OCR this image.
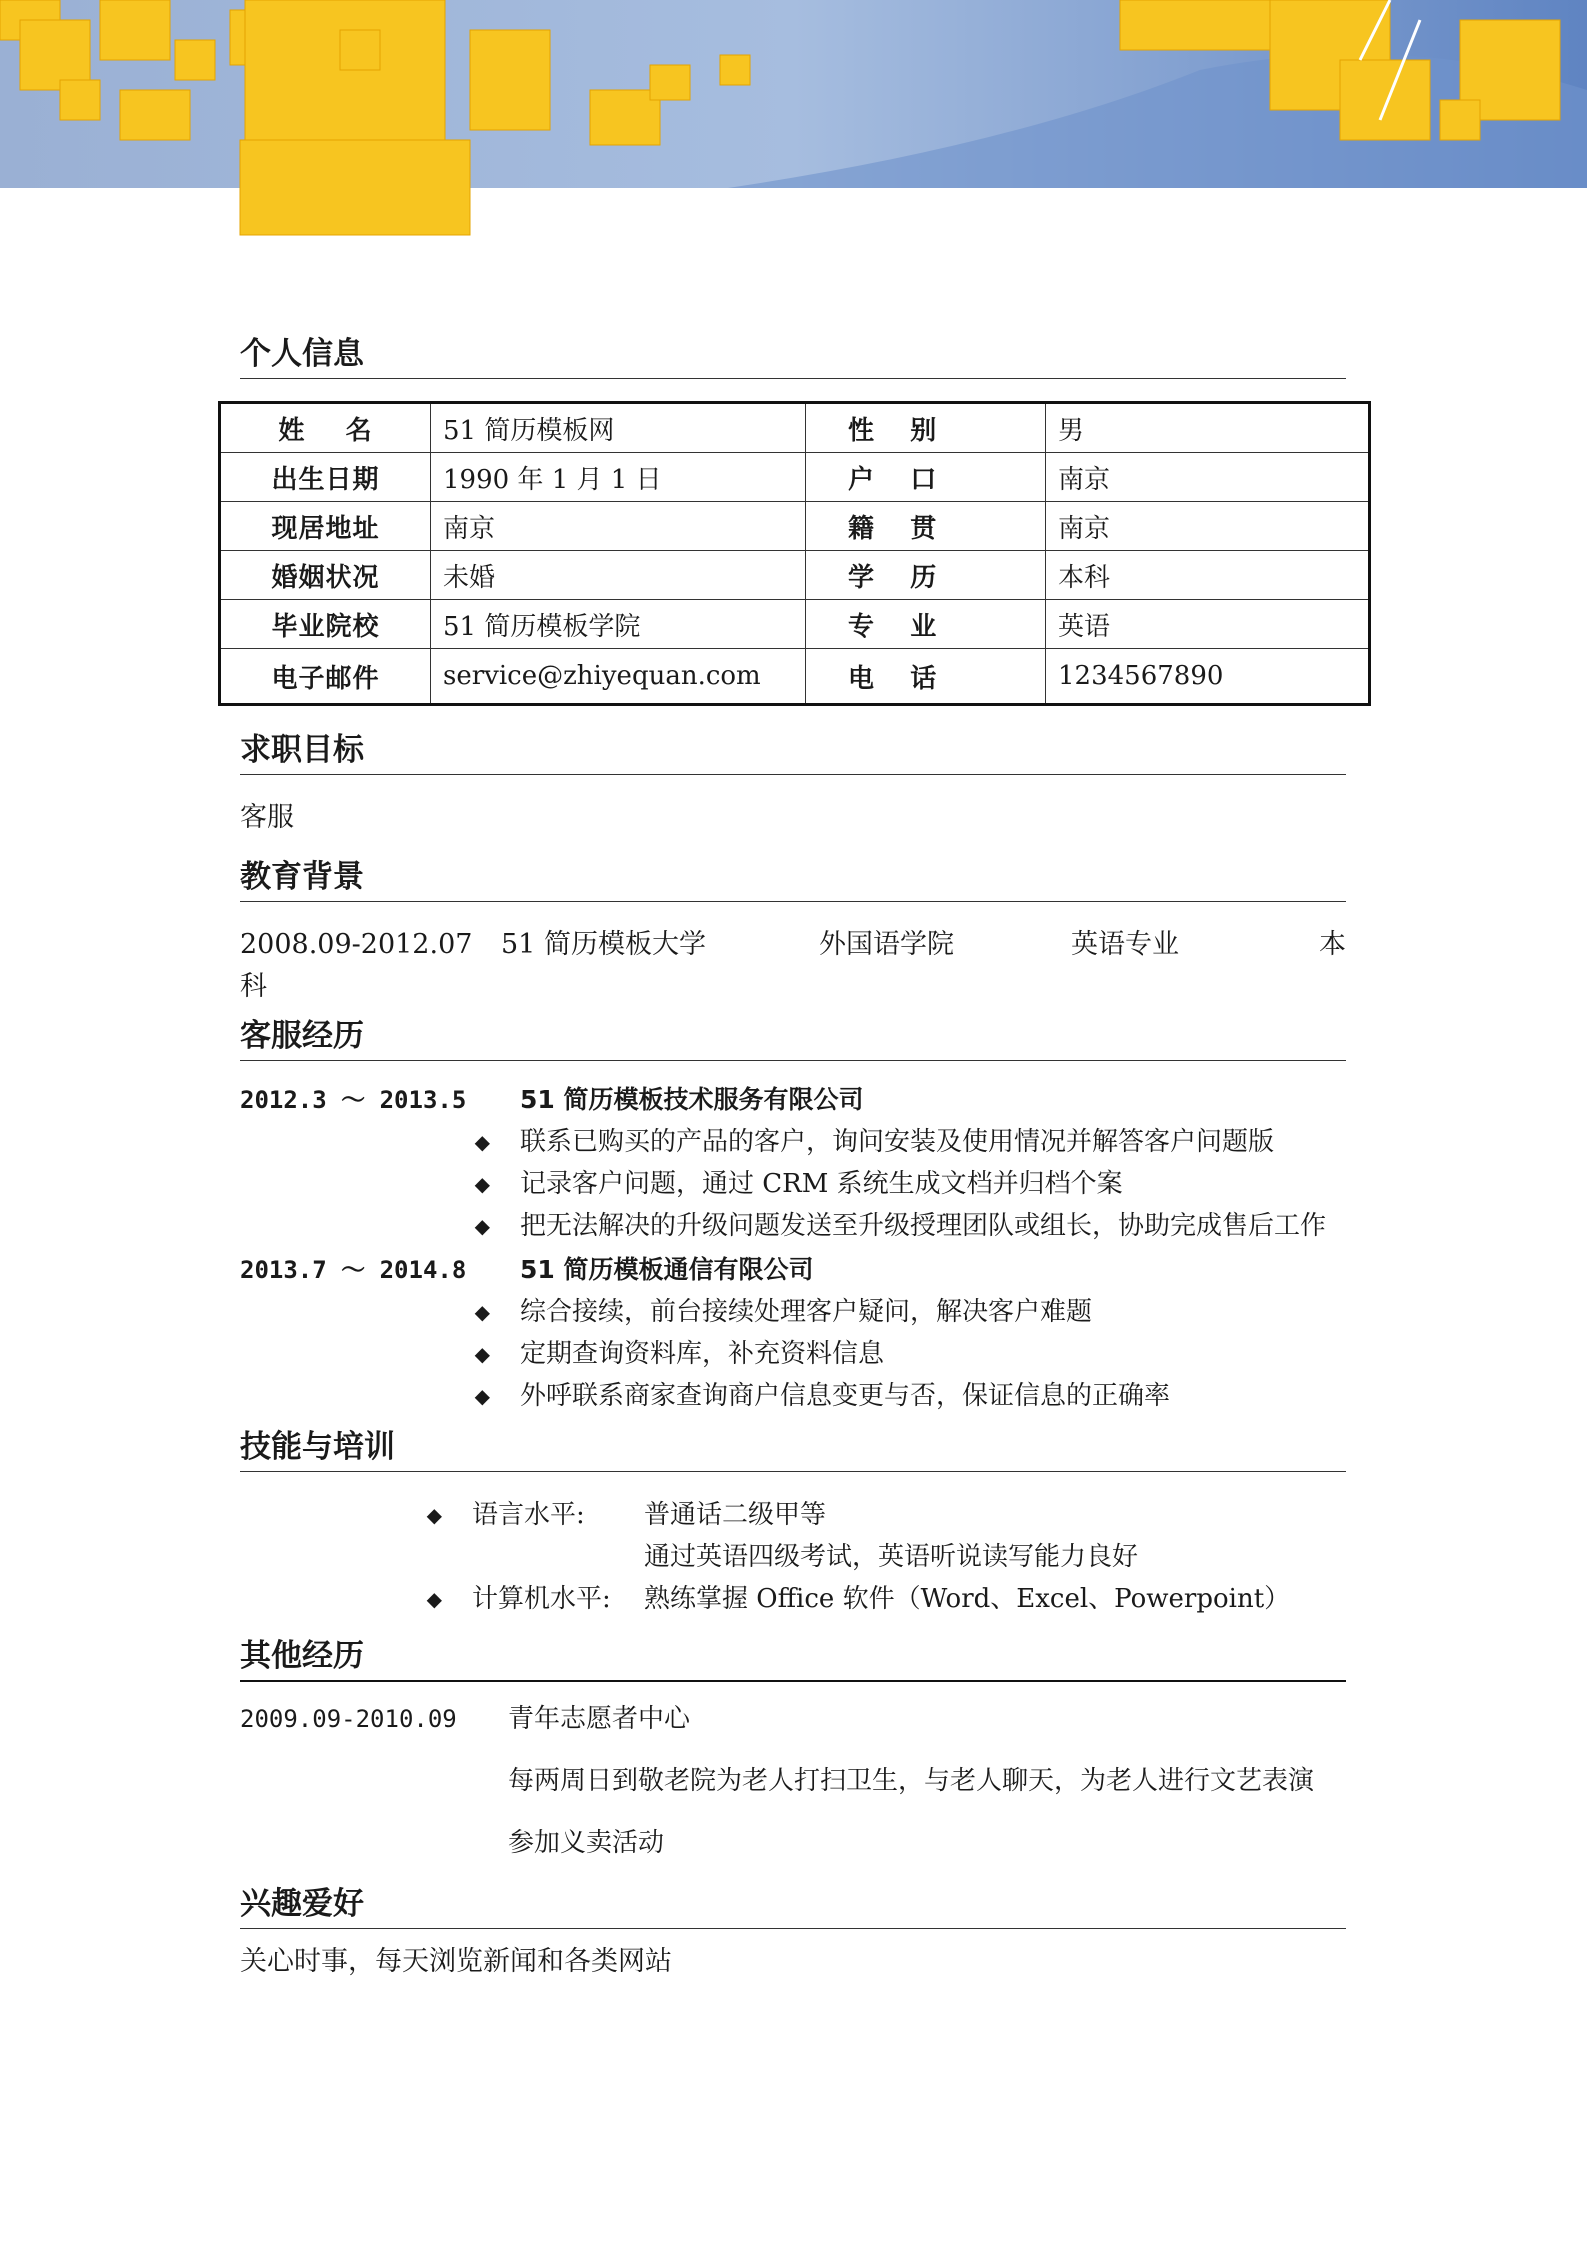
个人信息
姓    名	51 简历模板网	性    别	男
出生日期	1990 年 1 月 1 日	户    口	南京
现居地址	南京	籍    贯	南京
婚姻状况	未婚	学    历	本科
毕业院校	51 简历模板学院	专    业	英语
电子邮件	service@zhiyequan.com	电    话	1234567890
求职目标
客服
教育背景
2008.09-2012.07	51 简历模板大学	外国语学院	英语专业	本
科
客服经历
2012.3 ～ 2013.5	51 简历模板技术服务有限公司
◆	联系已购买的产品的客户，询问安装及使用情况并解答客户问题版
◆	记录客户问题，通过 CRM 系统生成文档并归档个案
◆	把无法解决的升级问题发送至升级授理团队或组长，协助完成售后工作
2013.7 ～ 2014.8	51 简历模板通信有限公司
◆	综合接续，前台接续处理客户疑问，解决客户难题
◆	定期查询资料库，补充资料信息
◆	外呼联系商家查询商户信息变更与否，保证信息的正确率
技能与培训
◆	语言水平:	普通话二级甲等
通过英语四级考试，英语听说读写能力良好
◆	计算机水平:	熟练掌握 Office 软件（Word、Excel、Powerpoint）
其他经历
2009.09-2010.09	青年志愿者中心
每两周日到敬老院为老人打扫卫生，与老人聊天，为老人进行文艺表演
参加义卖活动
兴趣爱好
关心时事，每天浏览新闻和各类网站
